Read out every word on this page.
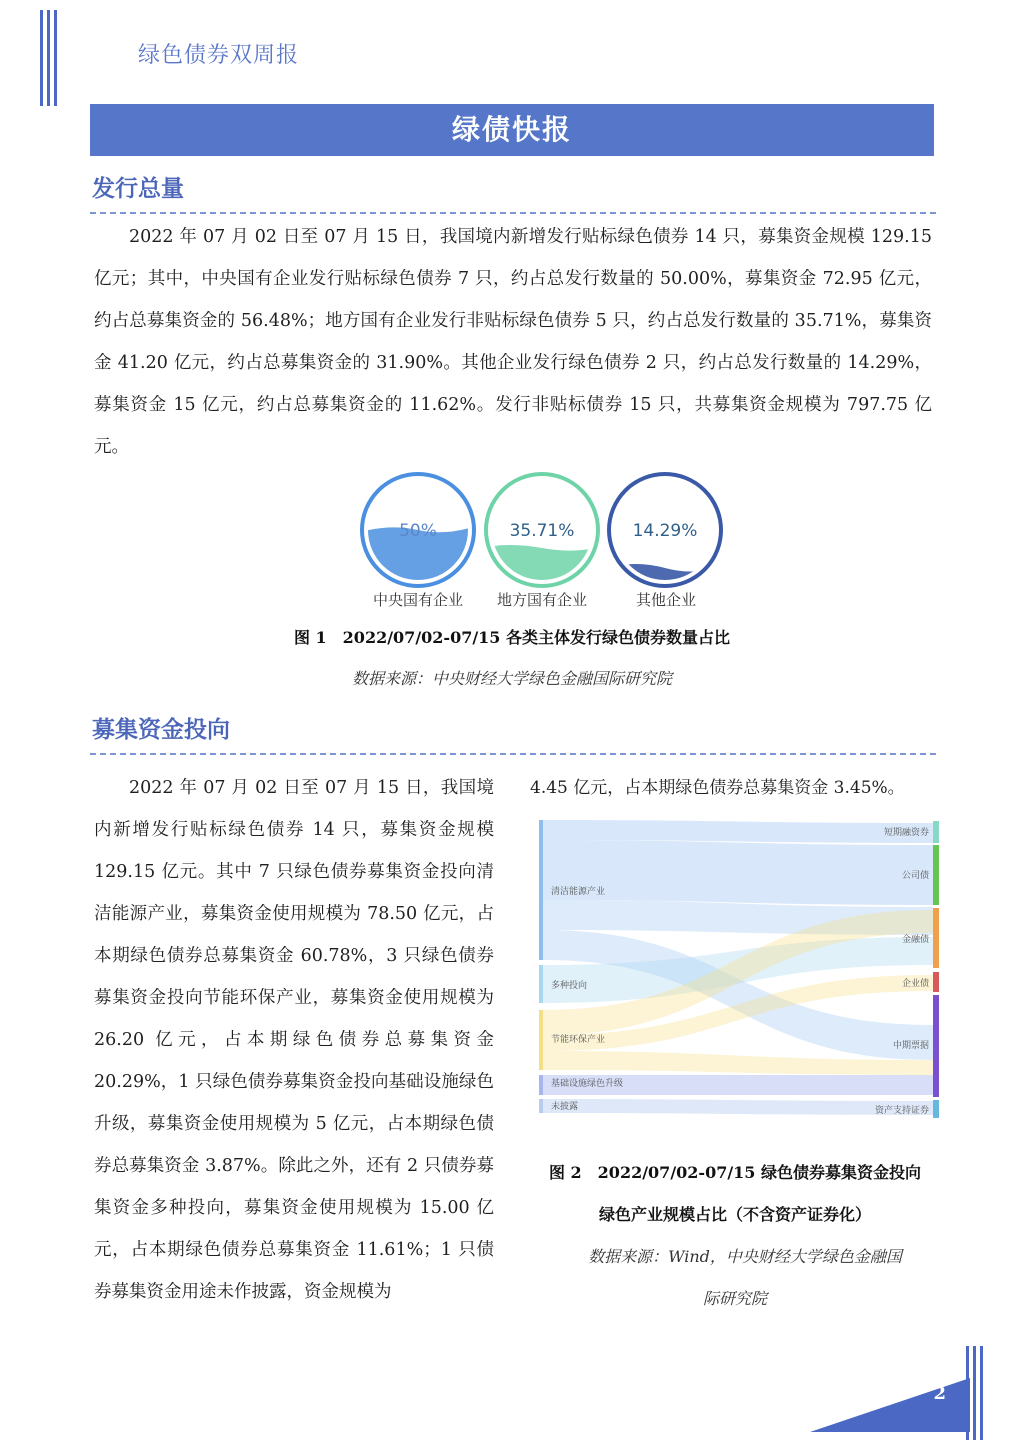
绿色债券双周报
绿债快报
发行总量

2022 年 07 月 02 日至 07 月 15 日，我国境内新增发行贴标绿色债券 14 只，募集资金规模 129.15 亿元；其中，中央国有企业发行贴标绿色债券 7 只，约占总发行数量的 50.00%，募集资金 72.95 亿元，约占总募集资金的 56.48%；地方国有企业发行非贴标绿色债券 5 只，约占总发行数量的 35.71%，募集资金 41.20 亿元，约占总募集资金的 31.90%。其他企业发行绿色债券 2 只，约占总发行数量的 14.29%，募集资金 15 亿元，约占总募集资金的 11.62%。发行非贴标债券 15 只，共募集资金规模为 797.75 亿元。

50%	35.71%	14.29%
中央国有企业	地方国有企业	其他企业
图 1　2022/07/02-07/15 各类主体发行绿色债券数量占比
数据来源：中央财经大学绿色金融国际研究院
募集资金投向

2022 年 07 月 02 日至 07 月 15 日，我国境内新增发行贴标绿色债券 14 只，募集资金规模 129.15 亿元。其中 7 只绿色债券募集资金投向清洁能源产业，募集资金使用规模为 78.50 亿元，占本期绿色债券总募集资金 60.78%，3 只绿色债券募集资金投向节能环保产业，募集资金使用规模为 26.20 亿元，占本期绿色债券总募集资金 20.29%，1 只绿色债券募集资金投向基础设施绿色升级，募集资金使用规模为 5 亿元，占本期绿色债券总募集资金 3.87%。除此之外，还有 2 只债券募集资金多种投向，募集资金使用规模为 15.00 亿元，占本期绿色债券总募集资金 11.61%；1 只债券募集资金用途未作披露，资金规模为

4.45 亿元，占本期绿色债券总募集资金 3.45%。

清洁能源产业
多种投向
节能环保产业
基础设施绿色升级
未披露
短期融资券
公司债
金融债
企业债
中期票据
资产支持证券
图 2　2022/07/02-07/15 绿色债券募集资金投向
绿色产业规模占比（不含资产证券化）
数据来源：Wind，中央财经大学绿色金融国
际研究院
2
